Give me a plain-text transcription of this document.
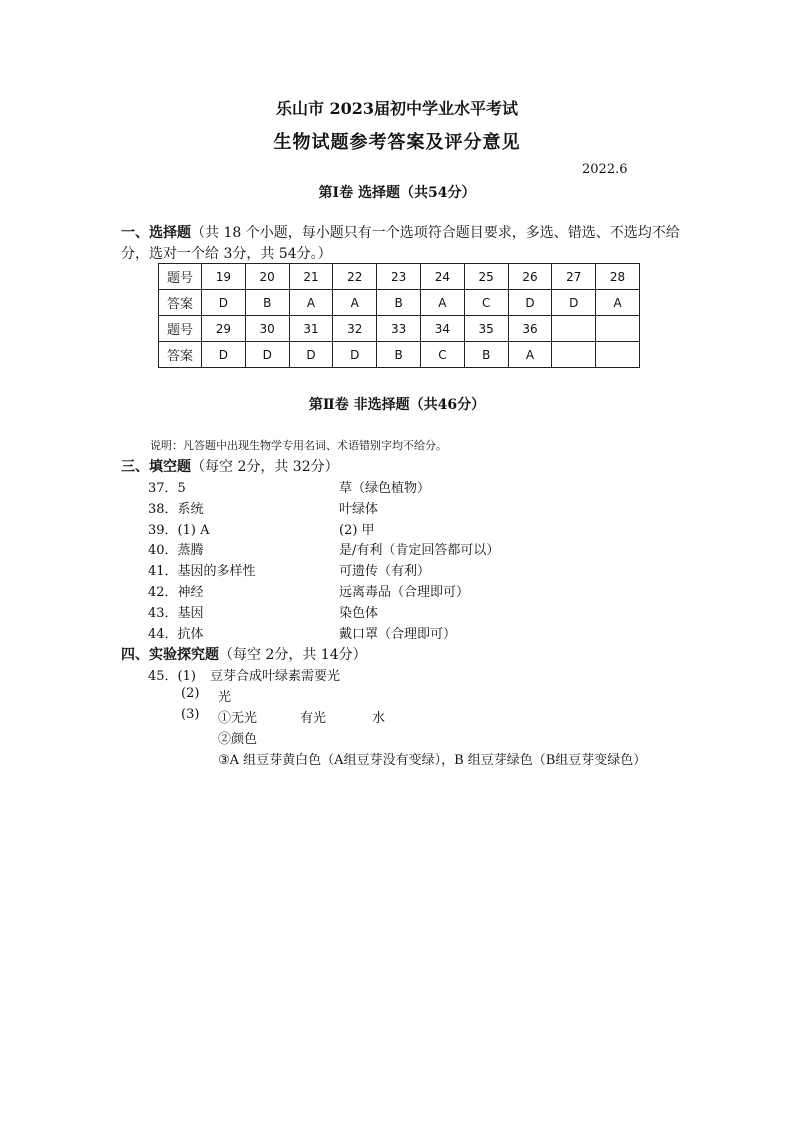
乐山市 2023届初中学业水平考试
生物试题参考答案及评分意见
2022.6
第Ⅰ卷 选择题（共54分）
一、选择题（共 18 个小题，每小题只有一个选项符合题目要求，多选、错选、不选均不给
分，选对一个给 3分，共 54分。）
题号	19	20	21	22	23	24	25	26	27	28
答案	D	B	A	A	B	A	C	D	D	A
题号	29	30	31	32	33	34	35	36		
答案	D	D	D	D	B	C	B	A		
第Ⅱ卷 非选择题（共46分）
说明：凡答题中出现生物学专用名词、术语错别字均不给分。
三、填空题（每空 2分，共 32分）
37．5	草（绿色植物）
38．系统	叶绿体
39．(1) A	(2) 甲
40．蒸腾	是/有利（肯定回答都可以）
41．基因的多样性	可遗传（有利）
42．神经	远离毒品（合理即可）
43．基因	染色体
44．抗体	戴口罩（合理即可）
四、实验探究题（每空 2分，共 14分）
45．(1) 豆芽合成叶绿素需要光
(2) 光
(3) ①无光	有光	水
②颜色
③A 组豆芽黄白色（A组豆芽没有变绿），B 组豆芽绿色（B组豆芽变绿色）
